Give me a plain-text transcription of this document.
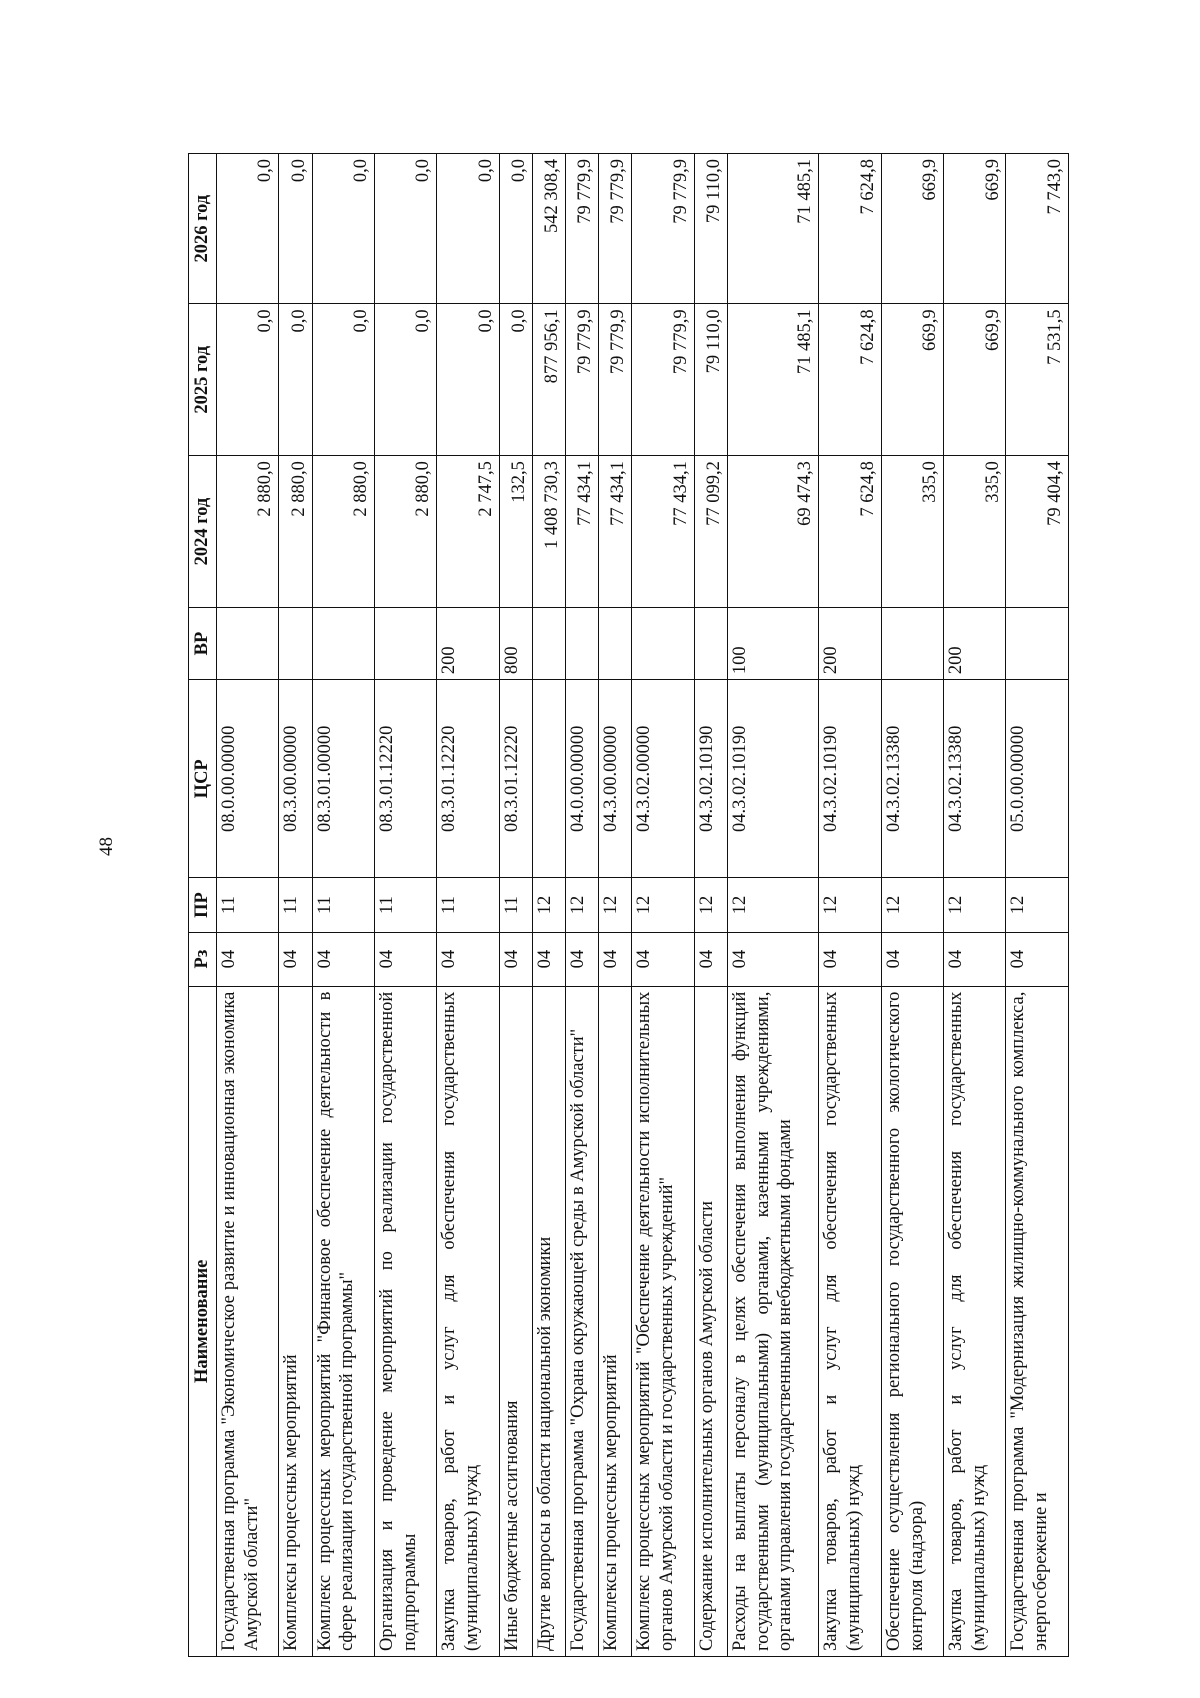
48
Наименование	Рз	ПР	ЦСР	ВР	2024 год	2025 год	2026 год
Государственная программа "Экономическое развитие и инновационная экономика Амурской области"	04	11	08.0.00.00000		2 880,0	0,0	0,0
Комплексы процессных мероприятий	04	11	08.3.00.00000		2 880,0	0,0	0,0
Комплекс процессных мероприятий "Финансовое обеспечение деятельности в сфере реализации государственной программы"	04	11	08.3.01.00000		2 880,0	0,0	0,0
Организация и проведение мероприятий по реализации государственной подпрограммы	04	11	08.3.01.12220		2 880,0	0,0	0,0
Закупка товаров, работ и услуг для обеспечения государственных (муниципальных) нужд	04	11	08.3.01.12220	200	2 747,5	0,0	0,0
Иные бюджетные ассигнования	04	11	08.3.01.12220	800	132,5	0,0	0,0
Другие вопросы в области национальной экономики	04	12			1 408 730,3	877 956,1	542 308,4
Государственная программа "Охрана окружающей среды в Амурской области"	04	12	04.0.00.00000		77 434,1	79 779,9	79 779,9
Комплексы процессных мероприятий	04	12	04.3.00.00000		77 434,1	79 779,9	79 779,9
Комплекс процессных мероприятий "Обеспечение деятельности исполнительных органов Амурской области и государственных учреждений"	04	12	04.3.02.00000		77 434,1	79 779,9	79 779,9
Содержание исполнительных органов Амурской области	04	12	04.3.02.10190		77 099,2	79 110,0	79 110,0
Расходы на выплаты персоналу в целях обеспечения выполнения функций государственными (муниципальными) органами, казенными учреждениями, органами управления государственными внебюджетными фондами	04	12	04.3.02.10190	100	69 474,3	71 485,1	71 485,1
Закупка товаров, работ и услуг для обеспечения государственных (муниципальных) нужд	04	12	04.3.02.10190	200	7 624,8	7 624,8	7 624,8
Обеспечение осуществления регионального государственного экологического контроля (надзора)	04	12	04.3.02.13380		335,0	669,9	669,9
Закупка товаров, работ и услуг для обеспечения государственных (муниципальных) нужд	04	12	04.3.02.13380	200	335,0	669,9	669,9
Государственная программа "Модернизация жилищно-коммунального комплекса, энергосбережение и	04	12	05.0.00.00000		79 404,4	7 531,5	7 743,0
